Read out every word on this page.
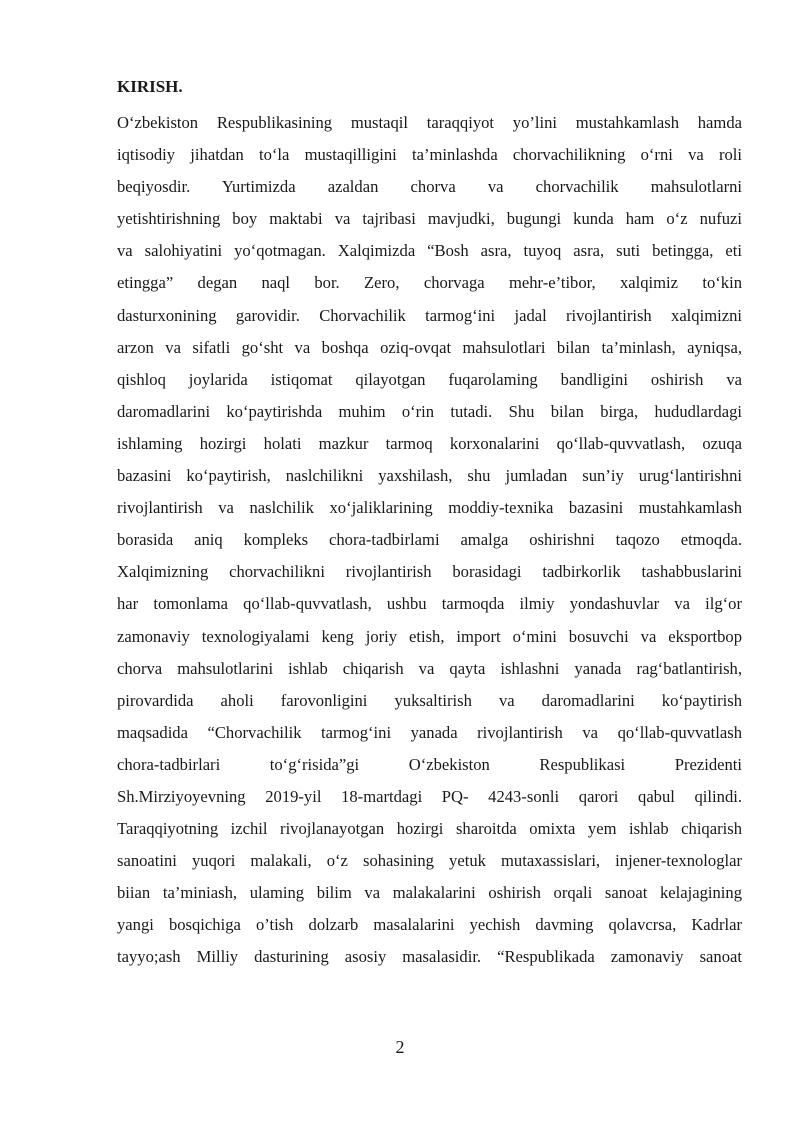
KIRISH.
O‘zbekiston Respublikasining mustaqil taraqqiyot yo’lini mustahkamlash hamda
iqtisodiy jihatdan to‘la mustaqilligini ta’minlashda chorvachilikning o‘rni va roli
beqiyosdir. Yurtimizda azaldan chorva va chorvachilik mahsulotlarni
yetishtirishning boy maktabi va tajribasi mavjudki, bugungi kunda ham o‘z nufuzi
va salohiyatini yo‘qotmagan. Xalqimizda “Bosh asra, tuyoq asra, suti betingga, eti
etingga” degan naql bor. Zero, chorvaga mehr-e’tibor, xalqimiz to‘kin
dasturxonining garovidir. Chorvachilik tarmog‘ini jadal rivojlantirish xalqimizni
arzon va sifatli go‘sht va boshqa oziq-ovqat mahsulotlari bilan ta’minlash, ayniqsa,
qishloq joylarida istiqomat qilayotgan fuqarolaming bandligini oshirish va
daromadlarini ko‘paytirishda muhim o‘rin tutadi. Shu bilan birga, hududlardagi
ishlaming hozirgi holati mazkur tarmoq korxonalarini qo‘llab-quvvatlash, ozuqa
bazasini ko‘paytirish, naslchilikni yaxshilash, shu jumladan sun’iy urug‘lantirishni
rivojlantirish va naslchilik xo‘jaliklarining moddiy-texnika bazasini mustahkamlash
borasida aniq kompleks chora-tadbirlami amalga oshirishni taqozo etmoqda.
Xalqimizning chorvachilikni rivojlantirish borasidagi tadbirkorlik tashabbuslarini
har tomonlama qo‘llab-quvvatlash, ushbu tarmoqda ilmiy yondashuvlar va ilg‘or
zamonaviy texnologiyalami keng joriy etish, import o‘mini bosuvchi va eksportbop
chorva mahsulotlarini ishlab chiqarish va qayta ishlashni yanada rag‘batlantirish,
pirovardida aholi farovonligini yuksaltirish va daromadlarini ko‘paytirish
maqsadida “Chorvachilik tarmog‘ini yanada rivojlantirish va qo‘llab-quvvatlash
chora-tadbirlari to‘g‘risida”gi O‘zbekiston Respublikasi Prezidenti
Sh.Mirziyoyevning 2019-yil 18-martdagi PQ- 4243-sonli qarori qabul qilindi.
Taraqqiyotning izchil rivojlanayotgan hozirgi sharoitda omixta yem ishlab chiqarish
sanoatini yuqori malakali, o‘z sohasining yetuk mutaxassislari, injener-texnologlar
biian ta’miniash, ulaming bilim va malakalarini oshirish orqali sanoat kelajagining
yangi bosqichiga o’tish dolzarb masalalarini yechish davming qolavcrsa, Kadrlar
tayyo;ash Milliy dasturining asosiy masalasidir. “Respublikada zamonaviy sanoat
2
